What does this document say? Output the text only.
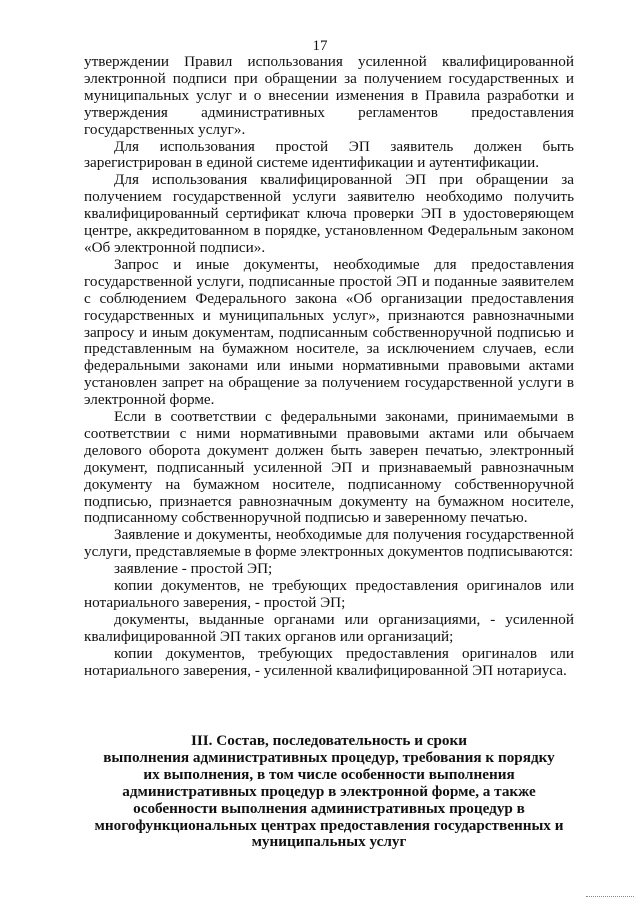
17

утверждении Правил использования усиленной квалифицированной электронной подписи при обращении за получением государственных и муниципальных услуг и о внесении изменения в Правила разработки и утверждения административных регламентов предоставления государственных услуг».

Для использования простой ЭП заявитель должен быть зарегистрирован в единой системе идентификации и аутентификации.

Для использования квалифицированной ЭП при обращении за получением государственной услуги заявителю необходимо получить квалифицированный сертификат ключа проверки ЭП в удостоверяющем центре, аккредитованном в порядке, установленном Федеральным законом «Об электронной подписи».

Запрос и иные документы, необходимые для предоставления государственной услуги, подписанные простой ЭП и поданные заявителем с соблюдением Федерального закона «Об организации предоставления государственных и муниципальных услуг», признаются равнозначными запросу и иным документам, подписанным собственноручной подписью и представленным на бумажном носителе, за исключением случаев, если федеральными законами или иными нормативными правовыми актами установлен запрет на обращение за получением государственной услуги в электронной форме.

Если в соответствии с федеральными законами, принимаемыми в соответствии с ними нормативными правовыми актами или обычаем делового оборота документ должен быть заверен печатью, электронный документ, подписанный усиленной ЭП и признаваемый равнозначным документу на бумажном носителе, подписанному собственноручной подписью, признается равнозначным документу на бумажном носителе, подписанному собственноручной подписью и заверенному печатью.

Заявление и документы, необходимые для получения государственной услуги, представляемые в форме электронных документов подписываются:

заявление - простой ЭП;

копии документов, не требующих предоставления оригиналов или нотариального заверения, - простой ЭП;

документы, выданные органами или организациями, - усиленной квалифицированной ЭП таких органов или организаций;

копии документов, требующих предоставления оригиналов или нотариального заверения, - усиленной квалифицированной ЭП нотариуса.

III. Состав, последовательность и сроки
выполнения административных процедур, требования к порядку
их выполнения, в том числе особенности выполнения
административных процедур в электронной форме, а также
особенности выполнения административных процедур в
многофункциональных центрах предоставления государственных и
муниципальных услуг
